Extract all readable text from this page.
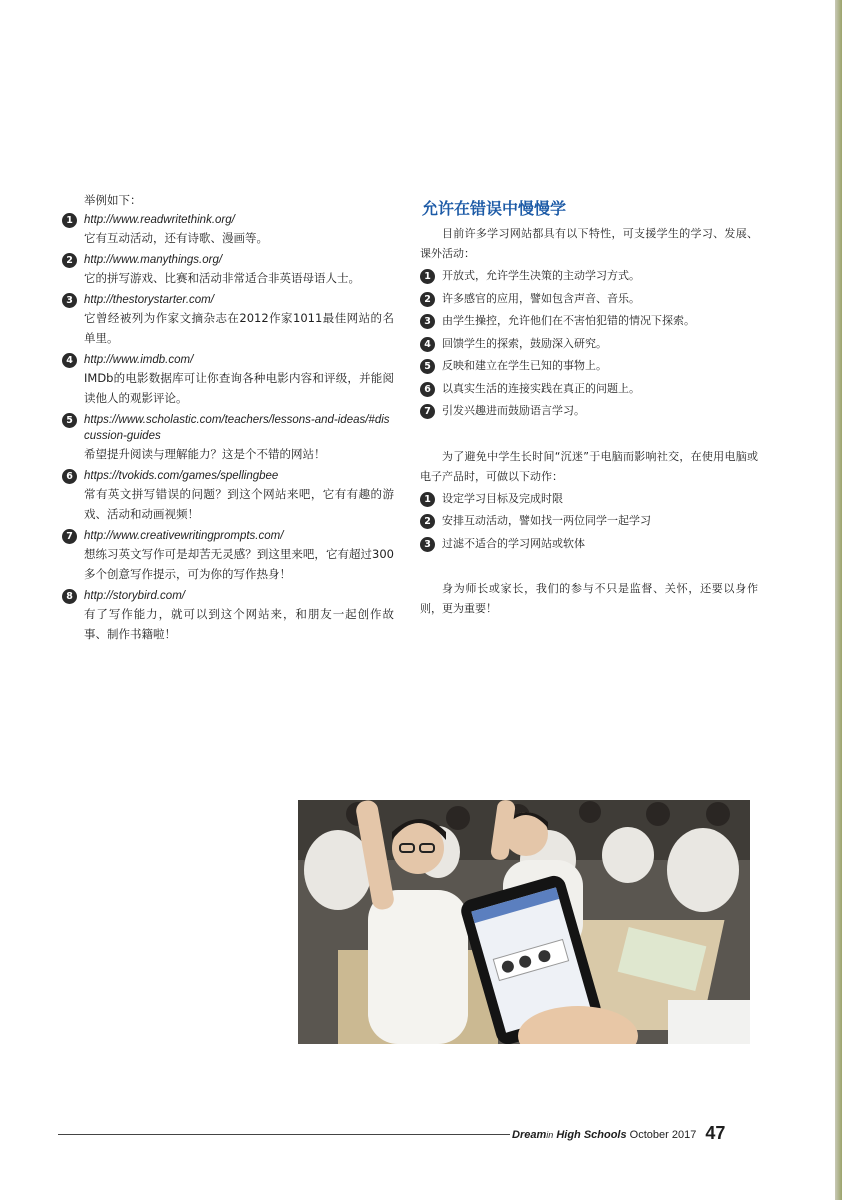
举例如下：
1 http://www.readwritethink.org/
它有互动活动，还有诗歌、漫画等。
2 http://www.manythings.org/
它的拼写游戏、比赛和活动非常适合非英语母语人士。
3 http://thestorystarter.com/
它曾经被列为作家文摘杂志在2012作家1011最佳网站的名单里。
4 http://www.imdb.com/
IMDb的电影数据库可让你查询各种电影内容和评级，并能阅读他人的观影评论。
5 https://www.scholastic.com/teachers/lessons-and-ideas/#discussion-guides
希望提升阅读与理解能力？这是个不错的网站！
6 https://tvokids.com/games/spellingbee
常有英文拼写错误的问题？到这个网站来吧，它有有趣的游戏、活动和动画视频！
7 http://www.creativewritingprompts.com/
想练习英文写作可是却苦无灵感？到这里来吧，它有超过300多个创意写作提示，可为你的写作热身！
8 http://storybird.com/
有了写作能力，就可以到这个网站来，和朋友一起创作故事、制作书籍啦！
允许在错误中慢慢学
目前许多学习网站都具有以下特性，可支援学生的学习、发展、课外活动：
1	开放式，允许学生决策的主动学习方式。
2	许多感官的应用，譬如包含声音、音乐。
3	由学生操控，允许他们在不害怕犯错的情况下探索。
4	回馈学生的探索，鼓励深入研究。
5	反映和建立在学生已知的事物上。
6	以真实生活的连接实践在真正的问题上。
7	引发兴趣进而鼓励语言学习。
为了避免中学生长时间“沉迷”于电脑而影响社交，在使用电脑或电子产品时，可做以下动作：
1	设定学习目标及完成时限
2	安排互动活动，譬如找一两位同学一起学习
3	过滤不适合的学习网站或软体
身为师长或家长，我们的参与不只是监督、关怀，还要以身作则，更为重要！
Dreamin High Schools October 2017 47
